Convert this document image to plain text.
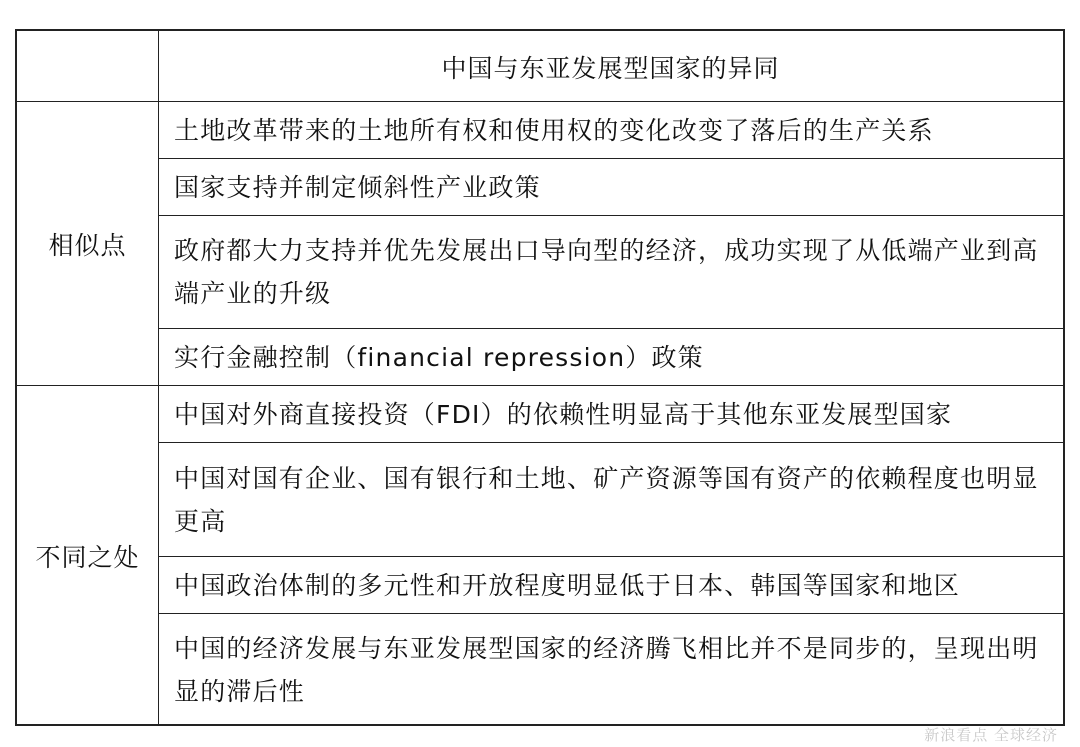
中国与东亚发展型国家的异同
相似点
土地改革带来的土地所有权和使用权的变化改变了落后的生产关系
国家支持并制定倾斜性产业政策
政府都大力支持并优先发展出口导向型的经济，成功实现了从低端产业到高端产业的升级
实行金融控制（financial repression）政策
不同之处
中国对外商直接投资（FDI）的依赖性明显高于其他东亚发展型国家
中国对国有企业、国有银行和土地、矿产资源等国有资产的依赖程度也明显更高
中国政治体制的多元性和开放程度明显低于日本、韩国等国家和地区
中国的经济发展与东亚发展型国家的经济腾飞相比并不是同步的，呈现出明显的滞后性
新浪看点 全球经济
